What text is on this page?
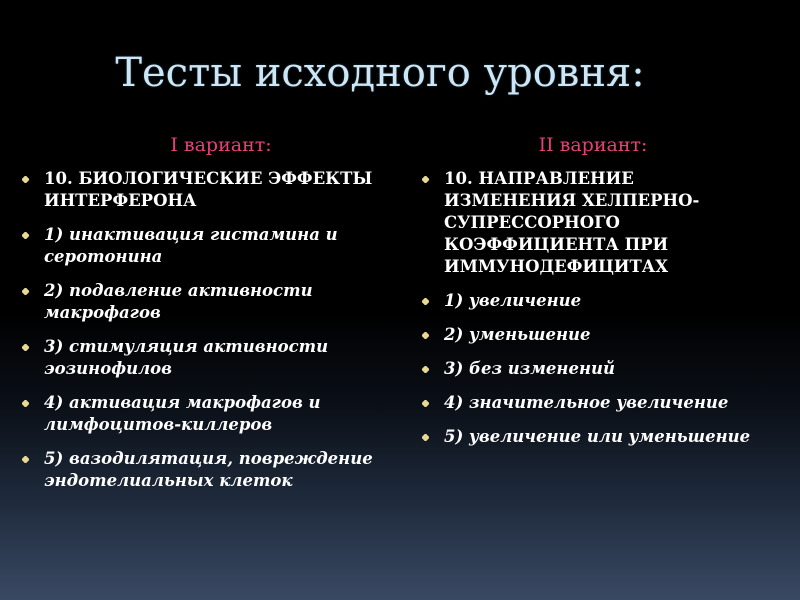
Тесты исходного уровня:
I вариант:
10. БИОЛОГИЧЕСКИЕ ЭФФЕКТЫ ИНТЕРФЕРОНА
1) инактивация гистамина и серотонина
2) подавление активности макрофагов
3) стимуляция активности эозинофилов
4) активация макрофагов и лимфоцитов-киллеров
5) вазодилятация, повреждение эндотелиальных клеток
II вариант:
10. НАПРАВЛЕНИЕ ИЗМЕНЕНИЯ ХЕЛПЕРНО-СУПРЕССОРНОГО КОЭФФИЦИЕНТА ПРИ ИММУНОДЕФИЦИТАХ
1) увеличение
2) уменьшение
3) без изменений
4) значительное увеличение
5) увеличение или уменьшение
